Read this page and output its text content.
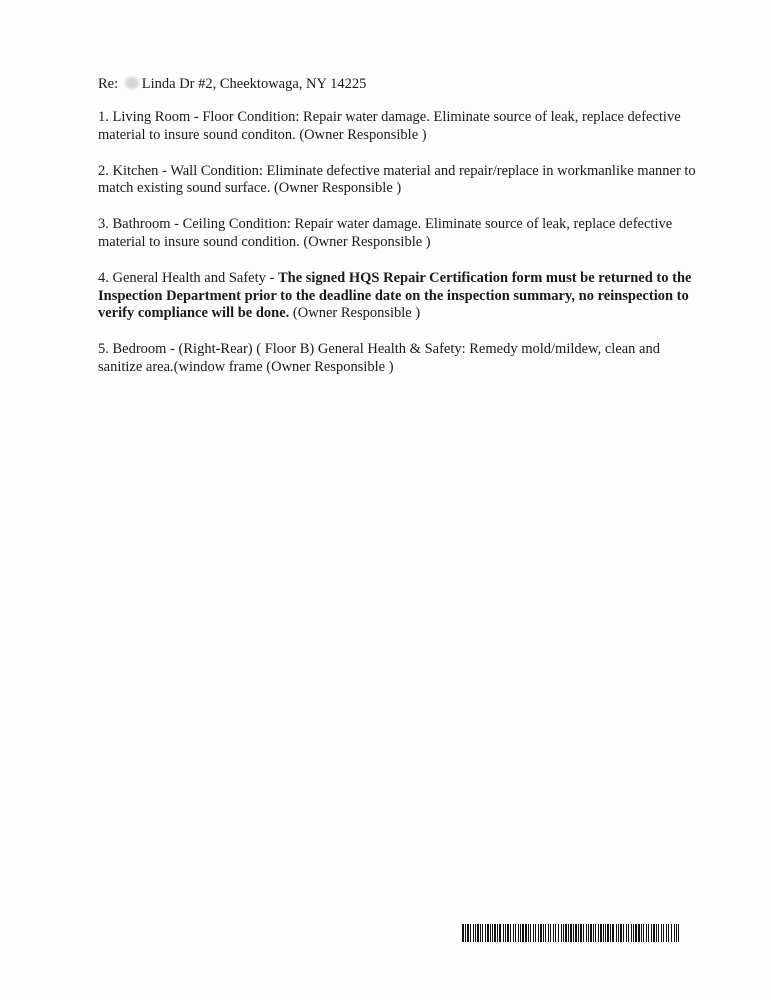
Re: Linda Dr #2, Cheektowaga, NY 14225

1. Living Room - Floor Condition: Repair water damage. Eliminate source of leak, replace defective material to insure sound conditon. (Owner Responsible )

2. Kitchen - Wall Condition: Eliminate defective material and repair/replace in workmanlike manner to match existing sound surface. (Owner Responsible )

3. Bathroom - Ceiling Condition: Repair water damage. Eliminate source of leak, replace defective material to insure sound condition. (Owner Responsible )

4. General Health and Safety - The signed HQS Repair Certification form must be returned to the Inspection Department prior to the deadline date on the inspection summary, no reinspection to verify compliance will be done. (Owner Responsible )

5. Bedroom - (Right-Rear) ( Floor B) General Health & Safety: Remedy mold/mildew, clean and sanitize area.(window frame (Owner Responsible )
